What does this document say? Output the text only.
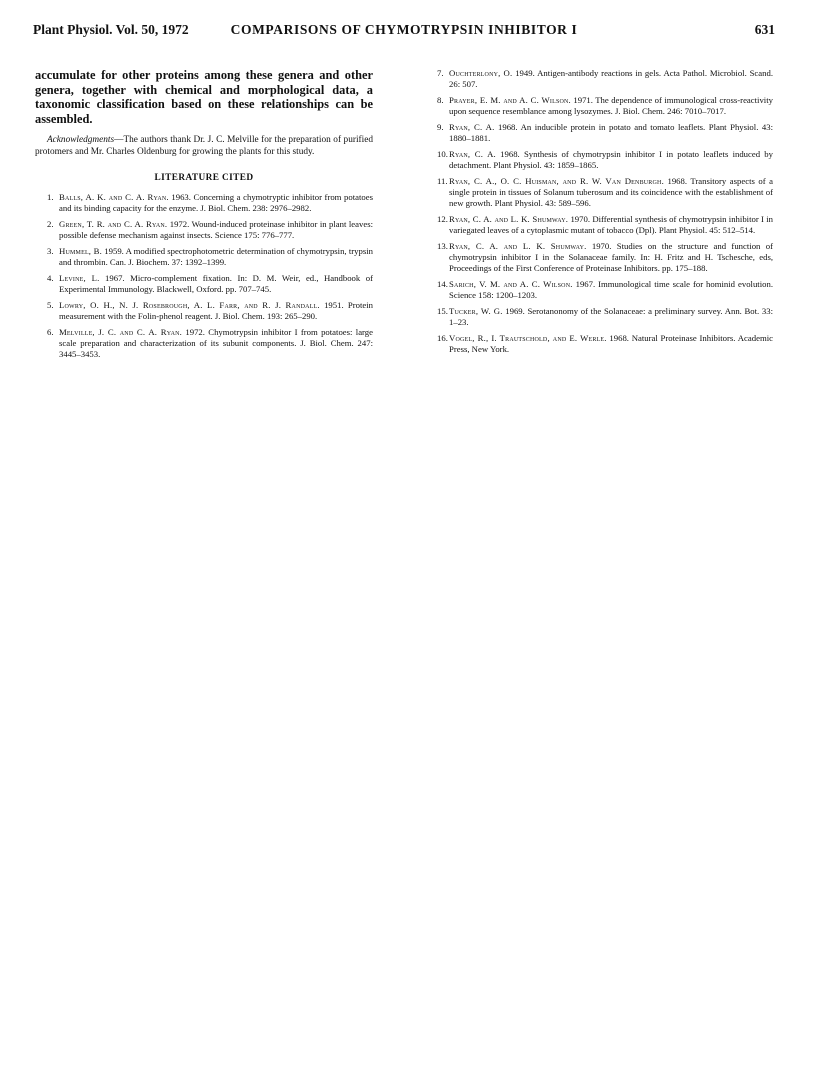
Plant Physiol. Vol. 50, 1972	COMPARISONS OF CHYMOTRYPSIN INHIBITOR I	631

accumulate for other proteins among these genera and other genera, together with chemical and morphological data, a taxonomic classification based on these relationships can be assembled.

Acknowledgments—The authors thank Dr. J. C. Melville for the preparation of purified protomers and Mr. Charles Oldenburg for growing the plants for this study.

LITERATURE CITED
1. Balls, A. K. and C. A. Ryan. 1963. Concerning a chymotryptic inhibitor from potatoes and its binding capacity for the enzyme. J. Biol. Chem. 238: 2976–2982.
2. Green, T. R. and C. A. Ryan. 1972. Wound-induced proteinase inhibitor in plant leaves: possible defense mechanism against insects. Science 175: 776–777.
3. Hummel, B. 1959. A modified spectrophotometric determination of chymotrypsin, trypsin and thrombin. Can. J. Biochem. 37: 1392–1399.
4. Levine, L. 1967. Micro-complement fixation. In: D. M. Weir, ed., Handbook of Experimental Immunology. Blackwell, Oxford. pp. 707–745.
5. Lowry, O. H., N. J. Rosebrough, A. L. Farr, and R. J. Randall. 1951. Protein measurement with the Folin-phenol reagent. J. Biol. Chem. 193: 265–290.
6. Melville, J. C. and C. A. Ryan. 1972. Chymotrypsin inhibitor I from potatoes: large scale preparation and characterization of its subunit components. J. Biol. Chem. 247: 3445–3453.
7. Ouchterlony, O. 1949. Antigen-antibody reactions in gels. Acta Pathol. Microbiol. Scand. 26: 507.
8. Prayer, E. M. and A. C. Wilson. 1971. The dependence of immunological cross-reactivity upon sequence resemblance among lysozymes. J. Biol. Chem. 246: 7010–7017.
9. Ryan, C. A. 1968. An inducible protein in potato and tomato leaflets. Plant Physiol. 43: 1880–1881.
10.Ryan, C. A. 1968. Synthesis of chymotrypsin inhibitor I in potato leaflets induced by detachment. Plant Physiol. 43: 1859–1865.
11.Ryan, C. A., O. C. Huisman, and R. W. Van Denburgh. 1968. Transitory aspects of a single protein in tissues of Solanum tuberosum and its coincidence with the establishment of new growth. Plant Physiol. 43: 589–596.
12.Ryan, C. A. and L. K. Shumway. 1970. Differential synthesis of chymotrypsin inhibitor I in variegated leaves of a cytoplasmic mutant of tobacco (Dpl). Plant Physiol. 45: 512–514.
13.Ryan, C. A. and L. K. Shumway. 1970. Studies on the structure and function of chymotrypsin inhibitor I in the Solanaceae family. In: H. Fritz and H. Tschesche, eds, Proceedings of the First Conference of Proteinase Inhibitors. pp. 175–188.
14.Sarich, V. M. and A. C. Wilson. 1967. Immunological time scale for hominid evolution. Science 158: 1200–1203.
15.Tucker, W. G. 1969. Serotanonomy of the Solanaceae: a preliminary survey. Ann. Bot. 33: 1–23.
16.Vogel, R., I. Trautschold, and E. Werle. 1968. Natural Proteinase Inhibitors. Academic Press, New York.
